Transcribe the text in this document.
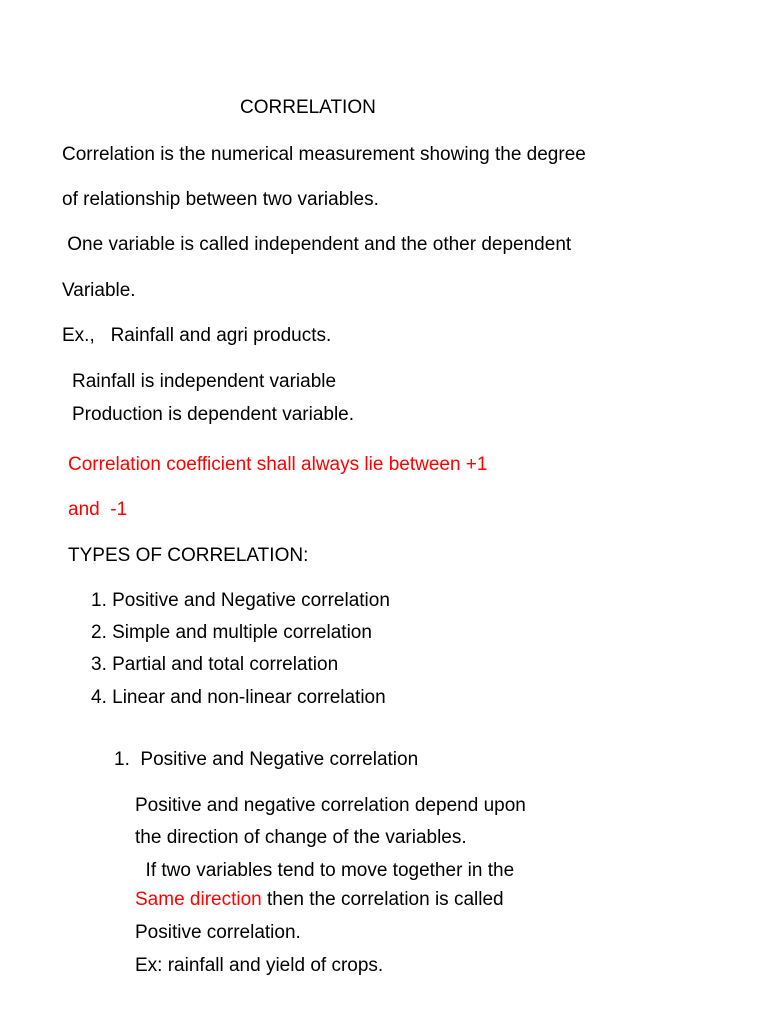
CORRELATION
Correlation is the numerical measurement showing the degree
of relationship between two variables.
One variable is called independent and the other dependent
Variable.
Ex.,   Rainfall and agri products.
Rainfall is independent variable
Production is dependent variable.
Correlation coefficient shall always lie between +1
and  -1
TYPES OF CORRELATION:
1. Positive and Negative correlation
2. Simple and multiple correlation
3. Partial and total correlation
4. Linear and non-linear correlation
1.  Positive and Negative correlation
Positive and negative correlation depend upon
the direction of change of the variables.
If two variables tend to move together in the
Same direction then the correlation is called
Positive correlation.
Ex: rainfall and yield of crops.
